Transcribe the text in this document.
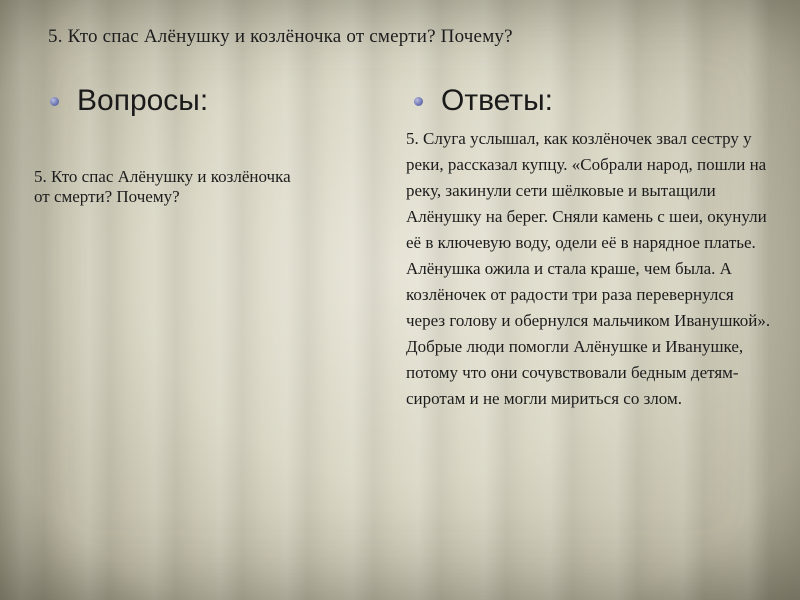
5. Кто спас Алёнушку и козлёночка от смерти? Почему?
Вопросы:	Ответы:
5. Кто спас Алёнушку и козлёночка от смерти? Почему?
5. Слуга услышал, как козлёночек звал сестру у реки, рассказал купцу. «Собрали народ, пошли на реку, закинули сети шёлковые и вытащили Алёнушку на берег. Сняли камень с шеи, окунули её в ключевую воду, одели её в нарядное платье. Алёнушка ожила и стала краше, чем была. А козлёночек от радости три раза перевернулся через голову и обернулся мальчиком Иванушкой».
Добрые люди помогли Алёнушке и Иванушке, потому что они сочувствовали бедным детям-сиротам и не могли мириться со злом.
